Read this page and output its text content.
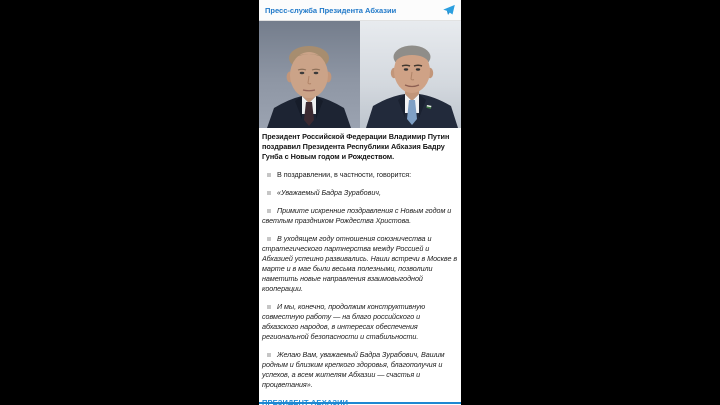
Пресс-служба Президента Абхазии

Президент Российской Федерации Владимир Путин поздравил Президента Республики Абхазия Бадру Гунба с Новым годом и Рождеством.

В поздравлении, в частности, говорится:

«Уважаемый Бадра Зурабович,

Примите искренние поздравления с Новым годом и светлым праздником Рождества Христова.

В уходящем году отношения союзничества и стратегического партнерства между Россией и Абхазией успешно развивались. Наши встречи в Москве в марте и в мае были весьма полезными, позволили наметить новые направления взаимовыгодной кооперации.

И мы, конечно, продолжим конструктивную совместную работу — на благо российского и абхазского народов, в интересах обеспечения региональной безопасности и стабильности.

Желаю Вам, уважаемый Бадра Зурабович, Вашим родным и близким крепкого здоровья, благополучия и успехов, а всем жителям Абхазии — счастья и процветания».
